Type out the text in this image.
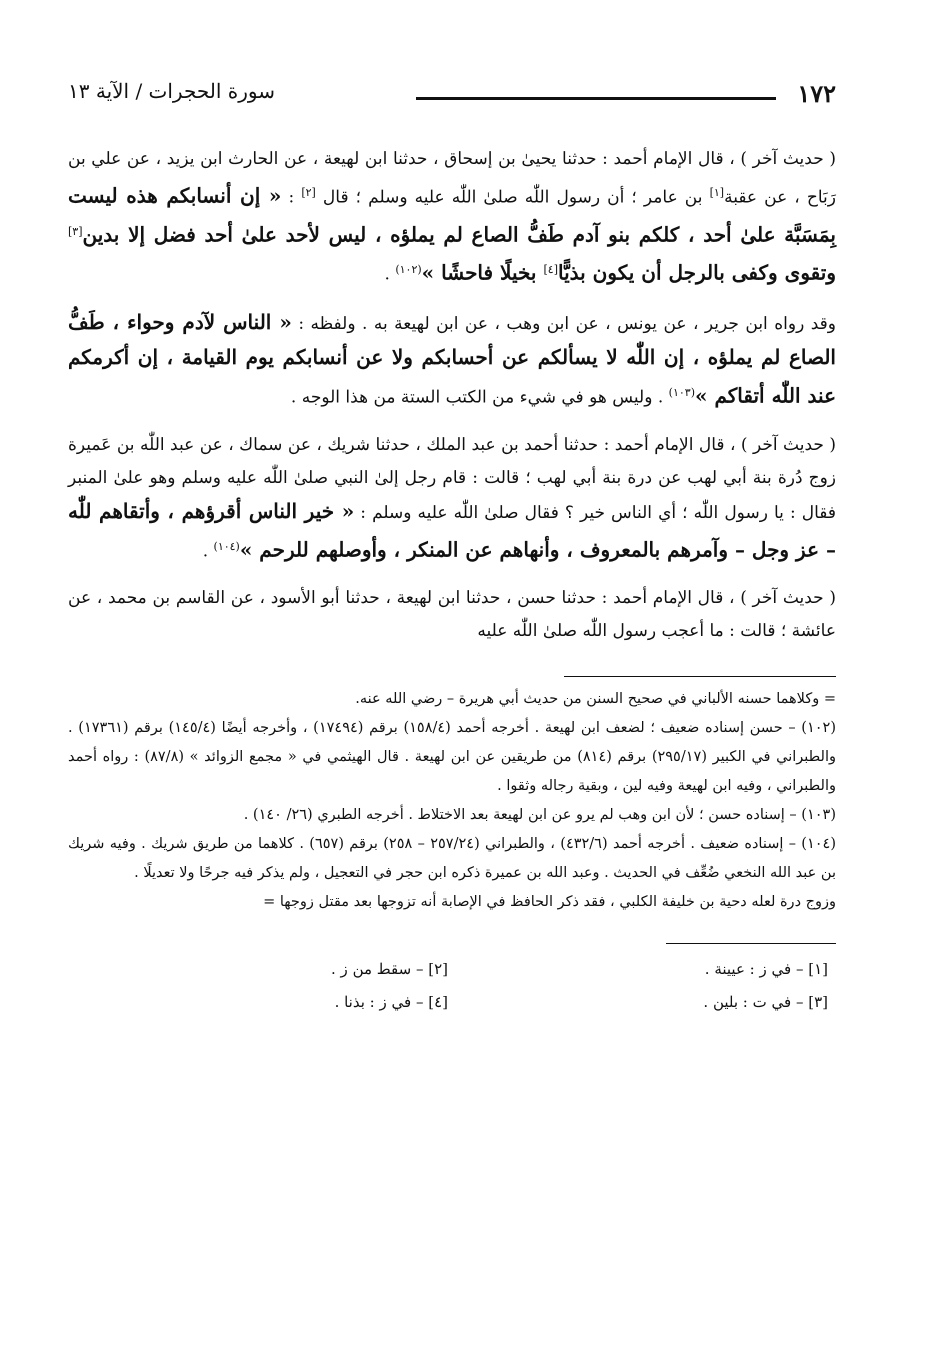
١٧٢
سورة الحجرات / الآية ١٣

( حديث آخر ) ، قال الإمام أحمد : حدثنا يحيىٰ بن إسحاق ، حدثنا ابن لهيعة ، عن الحارث ابن يزيد ، عن علي بن رَبَاح ، عن عقبة[١] بن عامر ؛ أن رسول اللّٰه صلىٰ اللّٰه عليه وسلم ؛ قال [٢] : « إن أنسابكم هذه ليست بِمَسَبَّة علىٰ أحد ، كلكم بنو آدم طَفُّ الصاع لم يملؤه ، ليس لأحد علىٰ أحد فضل إلا بدين[٣] وتقوى وكفى بالرجل أن يكون بذيًّا[٤] بخيلًا فاحشًا »$^{(١٠٢)}$ .

وقد رواه ابن جرير ، عن يونس ، عن ابن وهب ، عن ابن لهيعة به . ولفظه : « الناس لآدم وحواء ، طَفُّ الصاع لم يملؤه ، إن اللّٰه لا يسألكم عن أحسابكم ولا عن أنسابكم يوم القيامة ، إن أكرمكم عند اللّٰه أتقاكم »$^{(١٠٣)}$ . وليس هو في شيء من الكتب الستة من هذا الوجه .

( حديث آخر ) ، قال الإمام أحمد : حدثنا أحمد بن عبد الملك ، حدثنا شريك ، عن سماك ، عن عبد اللّٰه بن عَميرة زوج دُرة بنة أبي لهب عن درة بنة أبي لهب ؛ قالت : قام رجل إلىٰ النبي صلىٰ اللّٰه عليه وسلم وهو علىٰ المنبر فقال : يا رسول اللّٰه ؛ أي الناس خير ؟ فقال صلىٰ اللّٰه عليه وسلم : « خير الناس أقرؤهم ، وأتقاهم للّٰه – عز وجل – وآمرهم بالمعروف ، وأنهاهم عن المنكر ، وأوصلهم للرحم »$^{(١٠٤)}$ .

( حديث آخر ) ، قال الإمام أحمد : حدثنا حسن ، حدثنا ابن لهيعة ، حدثنا أبو الأسود ، عن القاسم بن محمد ، عن عائشة ؛ قالت : ما أعجب رسول اللّٰه صلىٰ اللّٰه عليه

= وكلاهما حسنه الألباني في صحيح السنن من حديث أبي هريرة – رضي الله عنه.

(١٠٢) – حسن إسناده ضعيف ؛ لضعف ابن لهيعة . أخرجه أحمد (١٥٨/٤) برقم (١٧٤٩٤) ، وأخرجه أيضًا (١٤٥/٤) برقم (١٧٣٦١) . والطبراني في الكبير (٢٩٥/١٧) برقم (٨١٤) من طريقين عن ابن لهيعة . قال الهيثمي في « مجمع الزوائد » (٨٧/٨) : رواه أحمد والطبراني ، وفيه ابن لهيعة وفيه لين ، وبقية رجاله وثقوا .

(١٠٣) – إسناده حسن ؛ لأن ابن وهب لم يرو عن ابن لهيعة بعد الاختلاط . أخرجه الطبري (٢٦/ ١٤٠) .

(١٠٤) – إسناده ضعيف . أخرجه أحمد (٤٣٢/٦) ، والطبراني (٢٥٧/٢٤ – ٢٥٨) برقم (٦٥٧) . كلاهما من طريق شريك . وفيه شريك بن عبد الله النخعي ضُعِّف في الحديث . وعبد الله بن عميرة ذكره ابن حجر في التعجيل ، ولم يذكر فيه جرحًا ولا تعديلًا .

وزوج درة لعله دحية بن خليفة الكلبي ، فقد ذكر الحافظ في الإصابة أنه تزوجها بعد مقتل زوجها =

[١] – في ز : عيينة .
[٢] – سقط من ز .
[٣] – في ت : بلين .
[٤] – في ز : بذنا .
